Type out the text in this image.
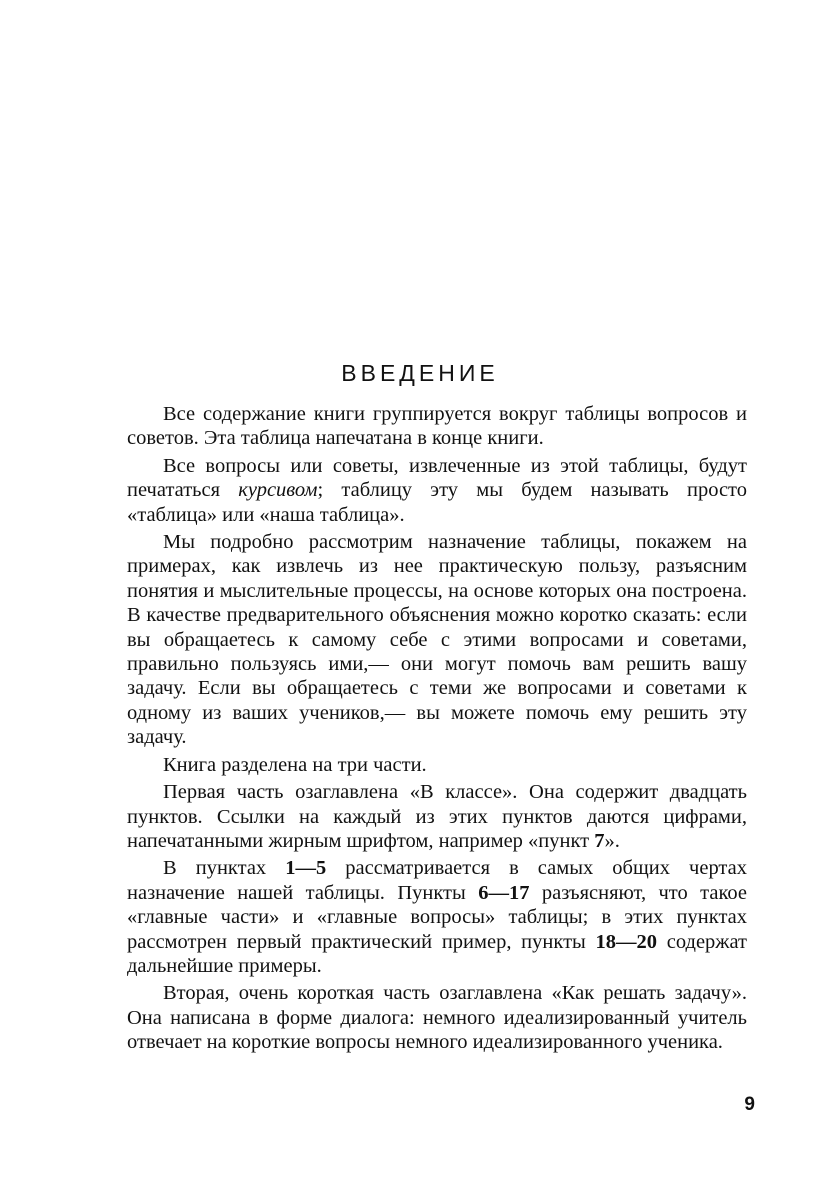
ВВЕДЕНИЕ

Все содержание книги группируется вокруг таблицы вопросов и советов. Эта таблица напечатана в конце книги.

Все вопросы или советы, извлеченные из этой таблицы, будут печататься курсивом; таблицу эту мы будем называть просто «таблица» или «наша таблица».

Мы подробно рассмотрим назначение таблицы, покажем на примерах, как извлечь из нее практическую пользу, разъясним понятия и мыслительные процессы, на основе которых она построена. В качестве предварительного объяснения можно коротко сказать: если вы обращаетесь к самому себе с этими вопросами и советами, правильно пользуясь ими,— они могут помочь вам решить вашу задачу. Если вы обращаетесь с теми же вопросами и советами к одному из ваших учеников,— вы можете помочь ему решить эту задачу.

Книга разделена на три части.

Первая часть озаглавлена «В классе». Она содержит двадцать пунктов. Ссылки на каждый из этих пунктов даются цифрами, напечатанными жирным шрифтом, например «пункт 7».

В пунктах 1—5 рассматривается в самых общих чертах назначение нашей таблицы. Пункты 6—17 разъясняют, что такое «главные части» и «главные вопросы» таблицы; в этих пунктах рассмотрен первый практический пример, пункты 18—20 содержат дальнейшие примеры.

Вторая, очень короткая часть озаглавлена «Как решать задачу». Она написана в форме диалога: немного идеализированный учитель отвечает на короткие вопросы немного идеализированного ученика.

9
